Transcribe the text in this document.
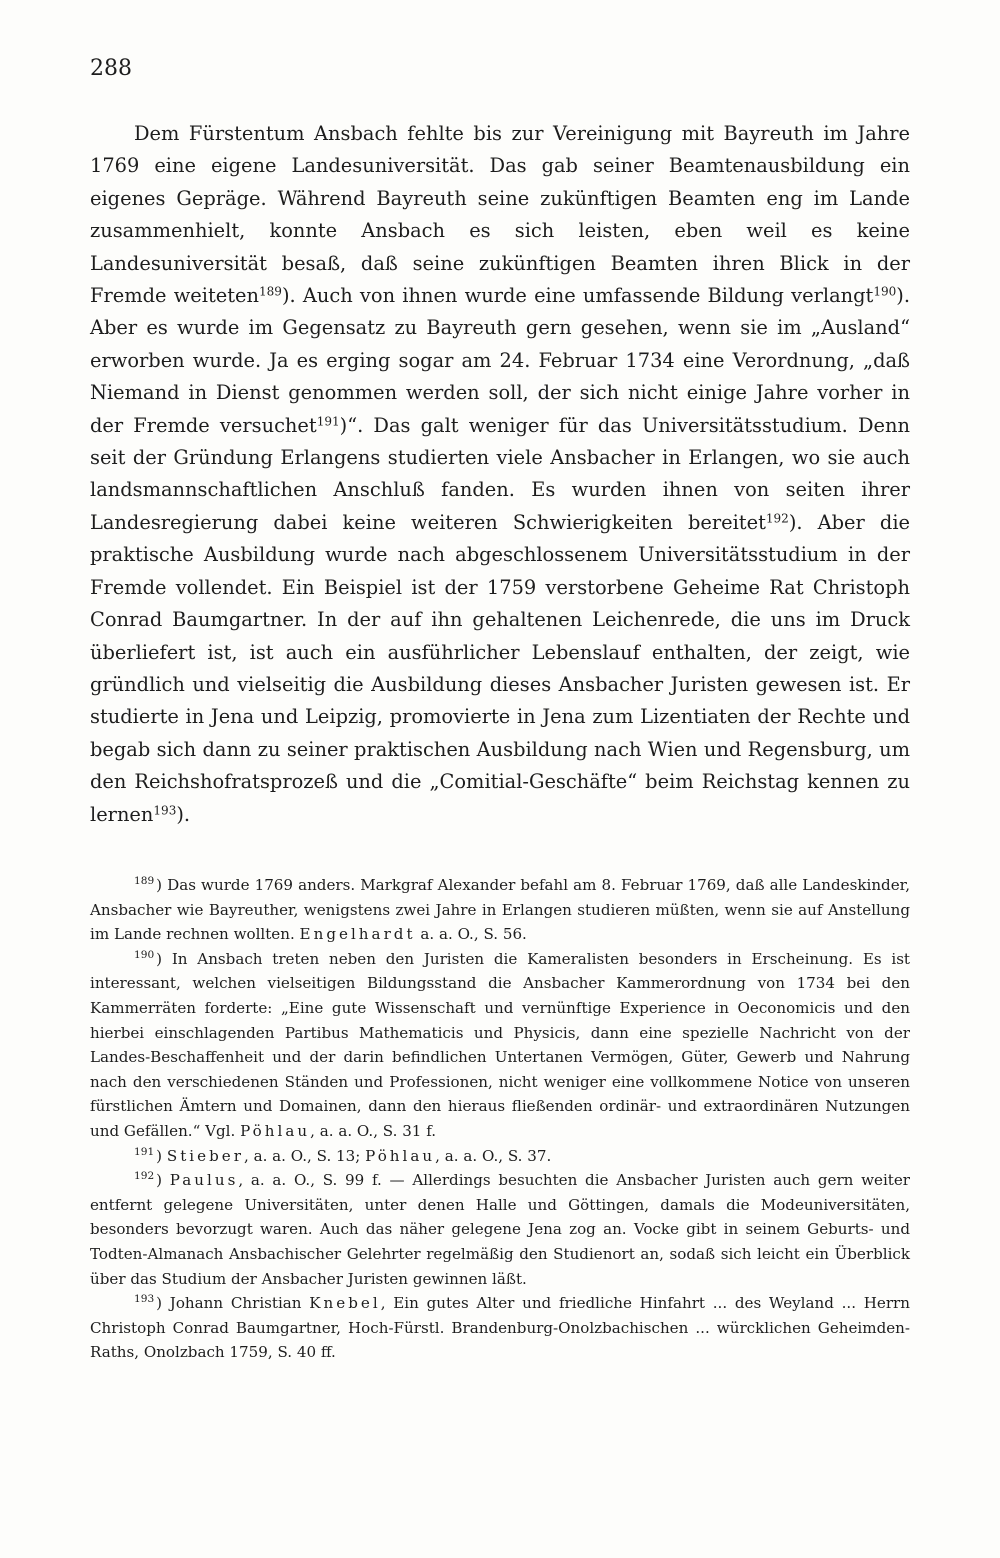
288

Dem Fürstentum Ansbach fehlte bis zur Vereinigung mit Bayreuth im Jahre 1769 eine eigene Landesuniversität. Das gab seiner Beamtenausbildung ein eigenes Gepräge. Während Bayreuth seine zukünftigen Beamten eng im Lande zusammenhielt, konnte Ansbach es sich leisten, eben weil es keine Landesuniversität besaß, daß seine zukünftigen Beamten ihren Blick in der Fremde weiteten$^{189}$). Auch von ihnen wurde eine umfassende Bildung verlangt$^{190}$). Aber es wurde im Gegensatz zu Bayreuth gern gesehen, wenn sie im „Ausland“ erworben wurde. Ja es erging sogar am 24. Februar 1734 eine Verordnung, „daß Niemand in Dienst genommen werden soll, der sich nicht einige Jahre vorher in der Fremde versuchet$^{191}$)“. Das galt weniger für das Universitätsstudium. Denn seit der Gründung Erlangens studierten viele Ansbacher in Erlangen, wo sie auch landsmannschaftlichen Anschluß fanden. Es wurden ihnen von seiten ihrer Landesregierung dabei keine weiteren Schwierigkeiten bereitet$^{192}$). Aber die praktische Ausbildung wurde nach abgeschlossenem Universitätsstudium in der Fremde vollendet. Ein Beispiel ist der 1759 verstorbene Geheime Rat Christoph Conrad Baumgartner. In der auf ihn gehaltenen Leichenrede, die uns im Druck überliefert ist, ist auch ein ausführlicher Lebenslauf enthalten, der zeigt, wie gründlich und vielseitig die Ausbildung dieses Ansbacher Juristen gewesen ist. Er studierte in Jena und Leipzig, promovierte in Jena zum Lizentiaten der Rechte und begab sich dann zu seiner praktischen Ausbildung nach Wien und Regensburg, um den Reichshofratsprozeß und die „Comitial-Geschäfte“ beim Reichstag kennen zu lernen$^{193}$).

$^{189}$ ) Das wurde 1769 anders. Markgraf Alexander befahl am 8. Februar 1769, daß alle Landeskinder, Ansbacher wie Bayreuther, wenigstens zwei Jahre in Erlangen studieren müßten, wenn sie auf Anstellung im Lande rechnen wollten. Engelhardt a. a. O., S. 56.

$^{190}$ ) In Ansbach treten neben den Juristen die Kameralisten besonders in Erscheinung. Es ist interessant, welchen vielseitigen Bildungsstand die Ansbacher Kammerordnung von 1734 bei den Kammerräten forderte: „Eine gute Wissenschaft und vernünftige Experience in Oeconomicis und den hierbei einschlagenden Partibus Mathematicis und Physicis, dann eine spezielle Nachricht von der Landes-Beschaffenheit und der darin befindlichen Untertanen Vermögen, Güter, Gewerb und Nahrung nach den verschiedenen Ständen und Professionen, nicht weniger eine vollkommene Notice von unseren fürstlichen Ämtern und Domainen, dann den hieraus fließenden ordinär- und extraordinären Nutzungen und Gefällen.“ Vgl. Pöhlau, a. a. O., S. 31 f.

$^{191}$ ) Stieber, a. a. O., S. 13; Pöhlau, a. a. O., S. 37.

$^{192}$ ) Paulus, a. a. O., S. 99 f. — Allerdings besuchten die Ansbacher Juristen auch gern weiter entfernt gelegene Universitäten, unter denen Halle und Göttingen, damals die Modeuniversitäten, besonders bevorzugt waren. Auch das näher gelegene Jena zog an. Vocke gibt in seinem Geburts- und Todten-Almanach Ansbachischer Gelehrter regelmäßig den Studienort an, sodaß sich leicht ein Überblick über das Studium der Ansbacher Juristen gewinnen läßt.

$^{193}$ ) Johann Christian Knebel, Ein gutes Alter und friedliche Hinfahrt ... des Weyland ... Herrn Christoph Conrad Baumgartner, Hoch-Fürstl. Brandenburg-Onolzbachischen ... würcklichen Geheimden-Raths, Onolzbach 1759, S. 40 ff.
